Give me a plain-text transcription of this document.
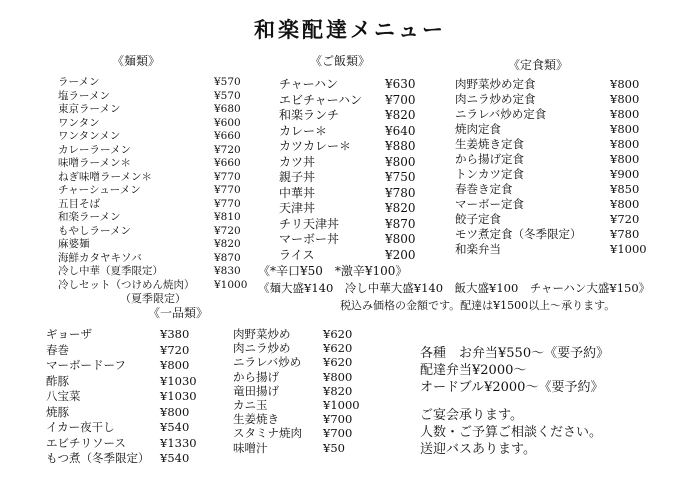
和楽配達メニュー
《麺類》
ラーメン	¥570
塩ラーメン	¥570
東京ラーメン	¥680
ワンタン	¥600
ワンタンメン	¥660
カレーラーメン	¥720
味噌ラーメン＊	¥660
ねぎ味噌ラーメン＊	¥770
チャーシューメン	¥770
五目そば	¥770
和楽ラーメン	¥810
もやしラーメン	¥720
麻婆麺	¥820
海鮮カタヤキソバ	¥870
冷し中華（夏季限定）	¥830
冷しセット（つけめん焼肉） ¥1000
（夏季限定）
《ご飯類》
チャーハン	¥630
エビチャーハン ¥700
和楽ランチ	¥820
カレー＊	¥640
カツカレー＊	¥880
カツ丼	¥800
親子丼	¥750
中華丼	¥780
天津丼	¥820
チリ天津丼	¥870
マーボー丼	¥800
ライス	¥200
《定食類》
肉野菜炒め定食	¥800
肉ニラ炒め定食	¥800
ニラレバ炒め定食	¥800
焼肉定食	¥800
生姜焼き定食	¥800
から揚げ定食	¥800
トンカツ定食	¥900
春巻き定食	¥850
マーボー定食	¥800
餃子定食	¥720
モツ煮定食（冬季限定） ¥780
和楽弁当	¥1000
《*辛口¥50　*激辛¥100》
《麺大盛¥140　冷し中華大盛¥140　飯大盛¥100　チャーハン大盛¥150》
税込み価格の金額です。配達は¥1500以上～承ります。
《一品類》
ギョーザ	¥380
春巻	¥720
マーボードーフ	¥800
酢豚	¥1030
八宝菜	¥1030
焼豚	¥800
イカー夜干し	¥540
エビチリソース	¥1330
もつ煮（冬季限定） ¥540
肉野菜炒め	¥620
肉ニラ炒め	¥620
ニラレバ炒め ¥620
から揚げ	¥800
竜田揚げ	¥820
カニ玉	¥1000
生姜焼き	¥700
スタミナ焼肉 ¥700
味噌汁	¥50
各種　お弁当¥550～《要予約》
配達弁当¥2000～
オードブル¥2000～《要予約》
ご宴会承ります。
人数・ご予算ご相談ください。
送迎バスあります。
